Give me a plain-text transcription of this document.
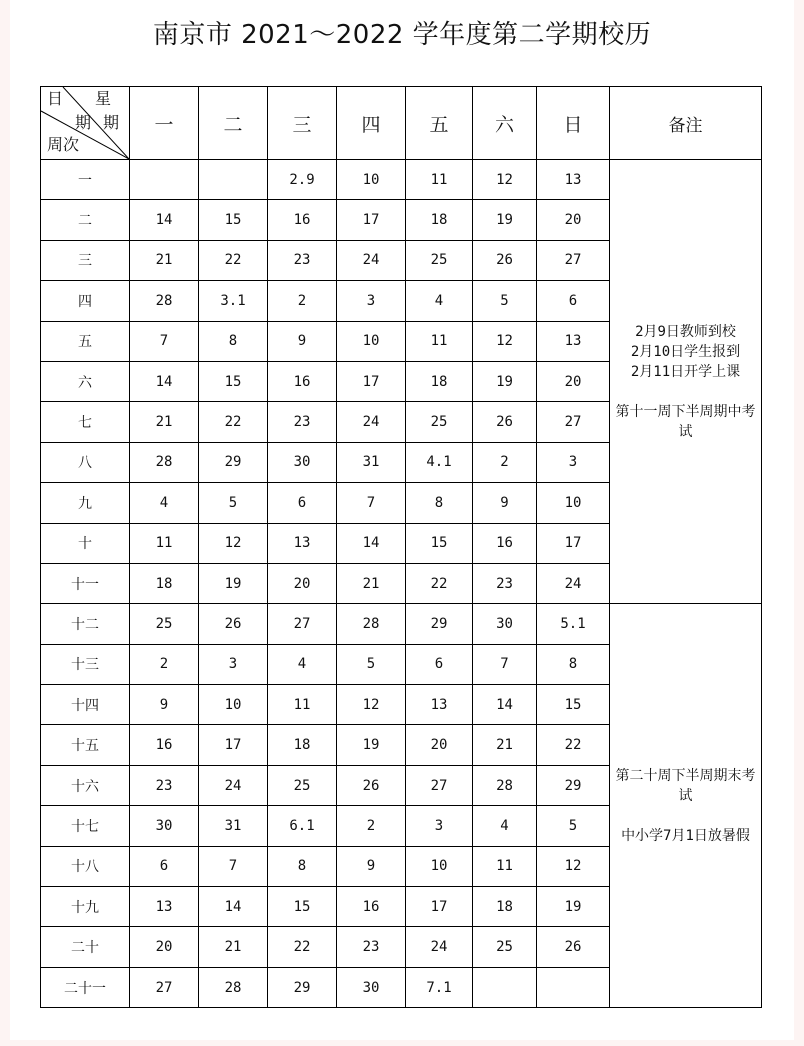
南京市 2021～2022 学年度第二学期校历
日 星
期 期
周次	一	二	三	四	五	六	日	备注
一			2.9	10	11	12	13	2月9日教师到校
2月10日学生报到
2月11日开学上课

第十一周下半周期中考试

二	14	15	16	17	18	19	20	
三	21	22	23	24	25	26	27	
四	28	3.1	2	3	4	5	6	
五	7	8	9	10	11	12	13	
六	14	15	16	17	18	19	20	
七	21	22	23	24	25	26	27	
八	28	29	30	31	4.1	2	3	
九	4	5	6	7	8	9	10	
十	11	12	13	14	15	16	17	
十一	18	19	20	21	22	23	24	
十二	25	26	27	28	29	30	5.1	第二十周下半周期末考试

中小学7月1日放暑假

十三	2	3	4	5	6	7	8	
十四	9	10	11	12	13	14	15	
十五	16	17	18	19	20	21	22	
十六	23	24	25	26	27	28	29	
十七	30	31	6.1	2	3	4	5	
十八	6	7	8	9	10	11	12	
十九	13	14	15	16	17	18	19	
二十	20	21	22	23	24	25	26	
二十一	27	28	29	30	7.1			
